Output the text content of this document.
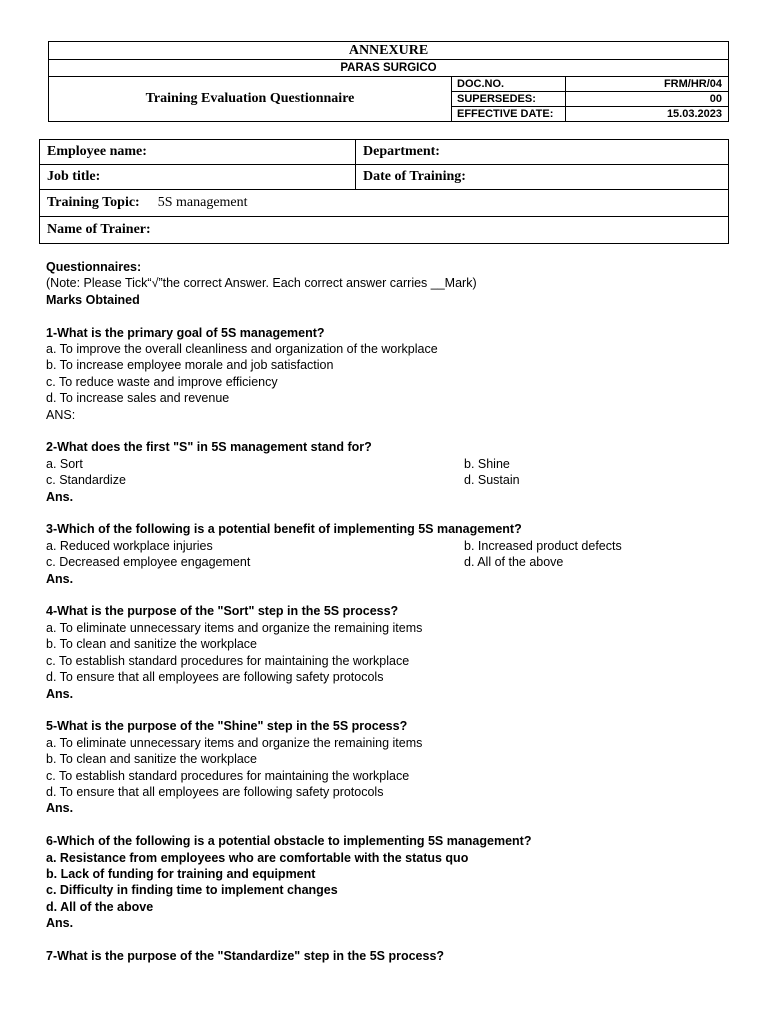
ANNEXURE		
PARAS SURGICO		
Training Evaluation Questionnaire	DOC.NO.	FRM/HR/04
	SUPERSEDES:	00
	EFFECTIVE DATE:	15.03.2023
Employee name:	Department:
Job title:	Date of Training:
Training Topic: 5S management	
Name of Trainer:	
Questionnaires:
(Note: Please Tick“√”the correct Answer. Each correct answer carries __Mark)
Marks Obtained
1-What is the primary goal of 5S management?
a. To improve the overall cleanliness and organization of the workplace
b. To increase employee morale and job satisfaction
c. To reduce waste and improve efficiency
d. To increase sales and revenue
ANS:
2-What does the first "S" in 5S management stand for?
a. Sort	b. Shine
c. Standardize	d. Sustain
Ans.
3-Which of the following is a potential benefit of implementing 5S management?
a. Reduced workplace injuries	b. Increased product defects
c. Decreased employee engagement	d. All of the above
Ans.
4-What is the purpose of the "Sort" step in the 5S process?
a. To eliminate unnecessary items and organize the remaining items
b. To clean and sanitize the workplace
c. To establish standard procedures for maintaining the workplace
d. To ensure that all employees are following safety protocols
Ans.
5-What is the purpose of the "Shine" step in the 5S process?
a. To eliminate unnecessary items and organize the remaining items
b. To clean and sanitize the workplace
c. To establish standard procedures for maintaining the workplace
d. To ensure that all employees are following safety protocols
Ans.
6-Which of the following is a potential obstacle to implementing 5S management?
a. Resistance from employees who are comfortable with the status quo
b. Lack of funding for training and equipment
c. Difficulty in finding time to implement changes
d. All of the above
Ans.
7-What is the purpose of the "Standardize" step in the 5S process?
